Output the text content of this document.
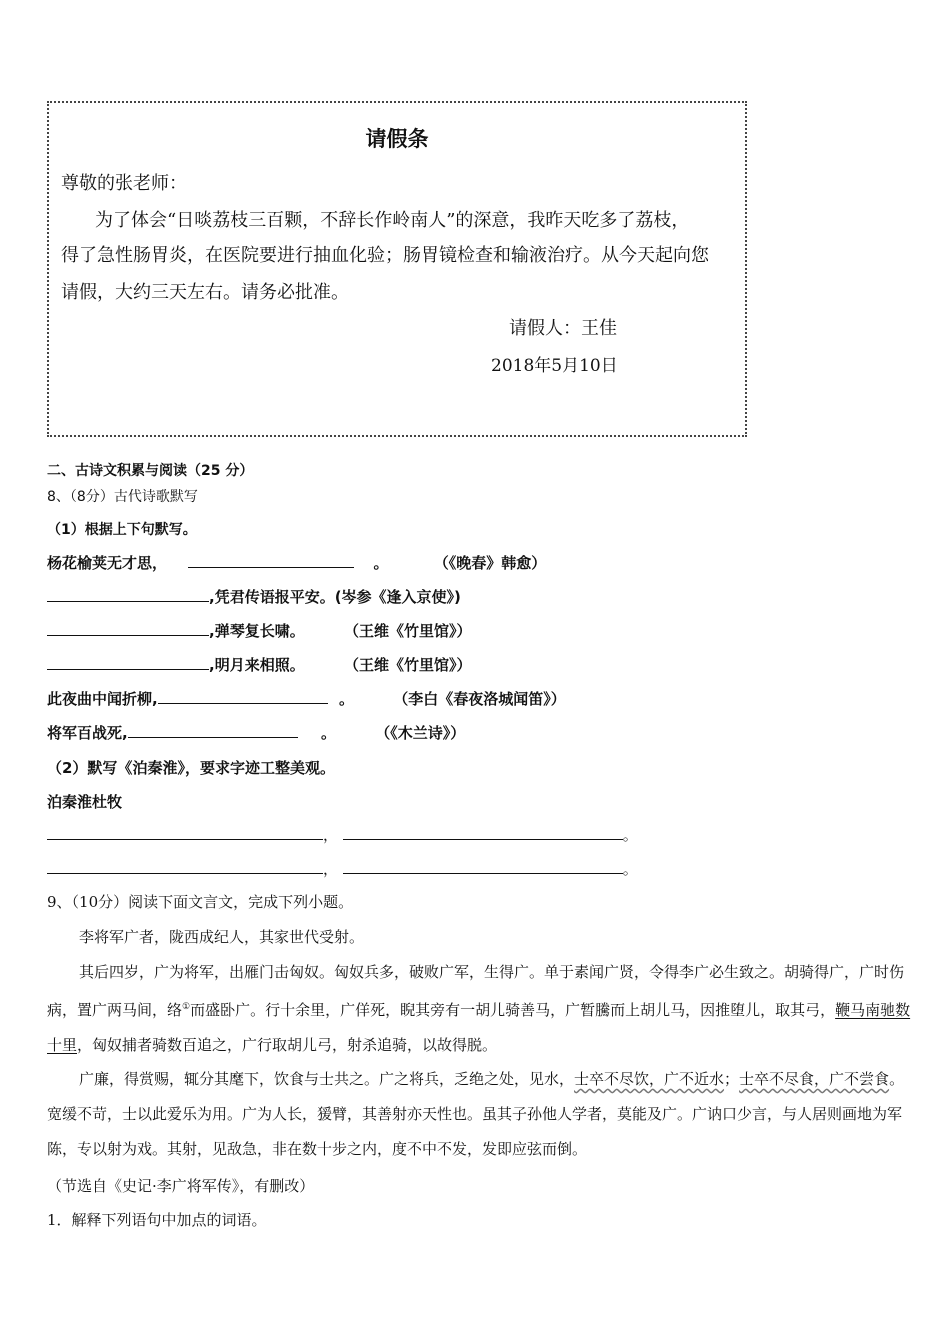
请假条
尊敬的张老师：
为了体会“日啖荔枝三百颗，不辞长作岭南人”的深意，我昨天吃多了荔枝，
得了急性肠胃炎，在医院要进行抽血化验；肠胃镜检查和输液治疗。从今天起向您
请假，大约三天左右。请务必批准。
请假人：王佳
2018年5月10日
二、古诗文积累与阅读（25 分）
8、（8分）古代诗歌默写
（1）根据上下句默写。
杨花榆荚无才思，	。	（《晚春》韩愈）
,凭君传语报平安。(岑参《逢入京使》)
,弹琴复长啸。	（王维《竹里馆》）
,明月来相照。	（王维《竹里馆》）
此夜曲中闻折柳,	。	（李白《春夜洛城闻笛》）
将军百战死,	。	（《木兰诗》）
（2）默写《泊秦淮》，要求字迹工整美观。
泊秦淮杜牧
，	。
，	。
9、（10分）阅读下面文言文，完成下列小题。
李将军广者，陇西成纪人，其家世代受射。
其后四岁，广为将军，出雁门击匈奴。匈奴兵多，破败广军，生得广。单于素闻广贤，令得李广必生致之。胡骑得广，广时伤病，置广两马间，络①而盛卧广。行十余里，广佯死，睨其旁有一胡儿骑善马，广暂騰而上胡儿马，因推堕儿，取其弓，鞭马南驰数十里，匈奴捕者骑数百追之，广行取胡儿弓，射杀追骑，以故得脱。
广廉，得赏赐，辄分其麾下，饮食与士共之。广之将兵，乏绝之处，见水，士卒不尽饮，广不近水；士卒不尽食，广不尝食。宽缓不苛，士以此爱乐为用。广为人长，猨臂，其善射亦天性也。虽其子孙他人学者，莫能及广。广讷口少言，与人居则画地为军陈，专以射为戏。其射，见敌急，非在数十步之内，度不中不发，发即应弦而倒。
（节选自《史记·李广将军传》，有删改）
1．解释下列语句中加点的词语。
